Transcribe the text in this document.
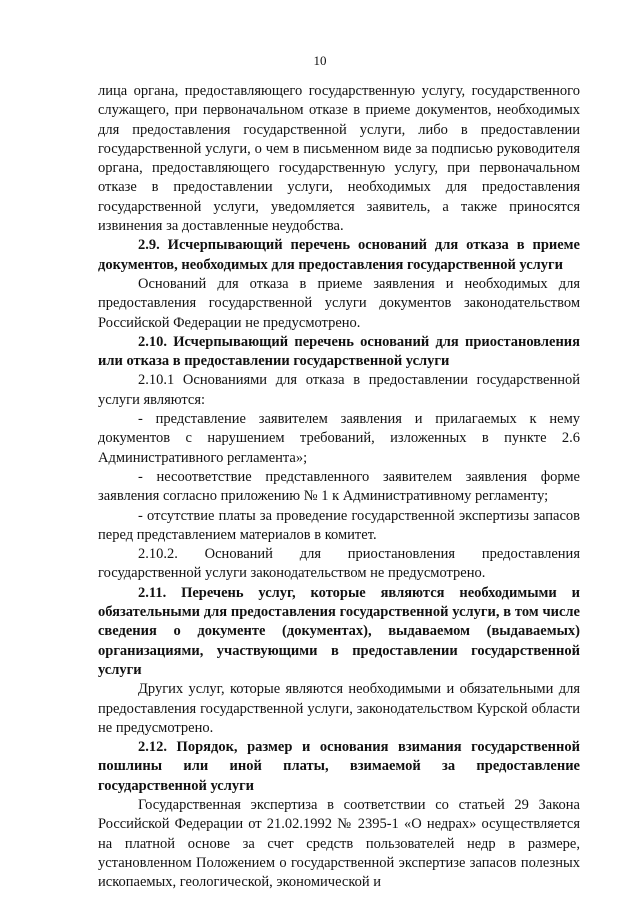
10

лица органа, предоставляющего государственную услугу, государственного служащего, при первоначальном отказе в приеме документов, необходимых для предоставления государственной услуги, либо в предоставлении государственной услуги, о чем в письменном виде за подписью руководителя органа, предоставляющего государственную услугу, при первоначальном отказе в предоставлении услуги, необходимых для предоставления государственной услуги, уведомляется заявитель, а также приносятся извинения за доставленные неудобства.

2.9. Исчерпывающий перечень оснований для отказа в приеме документов, необходимых для предоставления государственной услуги

Оснований для отказа в приеме заявления и необходимых для предоставления государственной услуги документов законодательством Российской Федерации не предусмотрено.

2.10. Исчерпывающий перечень оснований для приостановления или отказа в предоставлении государственной услуги

2.10.1 Основаниями для отказа в предоставлении государственной услуги являются:

- представление заявителем заявления и прилагаемых к нему документов с нарушением требований, изложенных в пункте 2.6 Административного регламента»;

- несоответствие представленного заявителем заявления форме заявления согласно приложению № 1 к Административному регламенту;

- отсутствие платы за проведение государственной экспертизы запасов перед представлением материалов в комитет.

2.10.2. Оснований для приостановления предоставления государственной услуги законодательством не предусмотрено.

2.11. Перечень услуг, которые являются необходимыми и обязательными для предоставления государственной услуги, в том числе сведения о документе (документах), выдаваемом (выдаваемых) организациями, участвующими в предоставлении государственной услуги

Других услуг, которые являются необходимыми и обязательными для предоставления государственной услуги, законодательством Курской области не предусмотрено.

2.12. Порядок, размер и основания взимания государственной пошлины или иной платы, взимаемой за предоставление государственной услуги

Государственная экспертиза в соответствии со статьей 29 Закона Российской Федерации от 21.02.1992 № 2395-1 «О недрах» осуществляется на платной основе за счет средств пользователей недр в размере, установленном Положением о государственной экспертизе запасов полезных ископаемых, геологической, экономической и
